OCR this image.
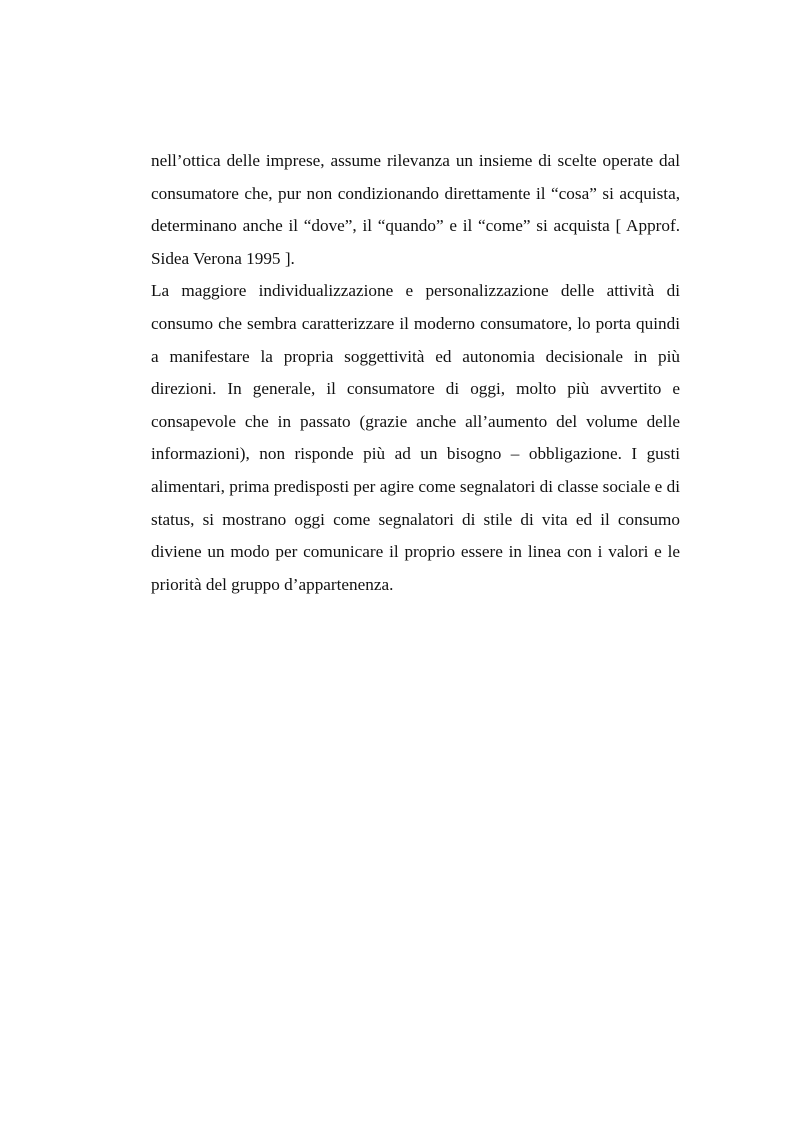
nell’ottica delle imprese, assume rilevanza un insieme di scelte operate dal consumatore che, pur non condizionando direttamente il “cosa” si acquista, determinano anche il “dove”, il “quando” e il “come” si acquista [ Approf. Sidea Verona 1995 ].

La maggiore individualizzazione e personalizzazione delle attività di consumo che sembra caratterizzare il moderno consumatore, lo porta quindi a manifestare la propria soggettività ed autonomia decisionale in più direzioni. In generale, il consumatore di oggi, molto più avvertito e consapevole che in passato (grazie anche all’aumento del volume delle informazioni), non risponde più ad un bisogno – obbligazione. I gusti alimentari, prima predisposti per agire come segnalatori di classe sociale e di status, si mostrano oggi come segnalatori di stile di vita ed il consumo diviene un modo per comunicare il proprio essere in linea con i valori e le priorità del gruppo d’appartenenza.
